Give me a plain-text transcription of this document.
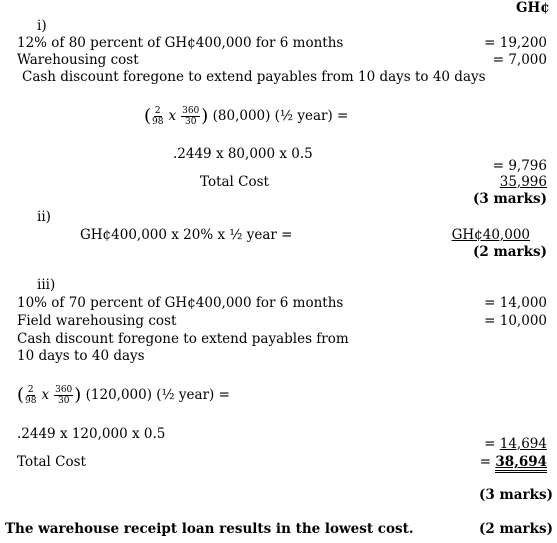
GH¢
i)
12% of 80 percent of GH¢400,000 for 6 months	= 19,200
Warehousing cost	= 7,000
Cash discount foregone to extend payables from 10 days to 40 days
( $\frac{2}{98}$ x $\frac{360}{30}$ ) (80,000) (½ year) =
.2449 x 80,000 x 0.5
= 9,796
Total Cost	35,996
(3 marks)
ii)
GH¢400,000 x 20% x ½ year =	GH¢40,000
(2 marks)
iii)
10% of 70 percent of GH¢400,000 for 6 months	= 14,000
Field warehousing cost	= 10,000
Cash discount foregone to extend payables from
10 days to 40 days
( $\frac{2}{98}$ x $\frac{360}{30}$ ) (120,000) (½ year) =
.2449 x 120,000 x 0.5
= 14,694
Total Cost	= 38,694
(3 marks)
The warehouse receipt loan results in the lowest cost.	(2 marks)
